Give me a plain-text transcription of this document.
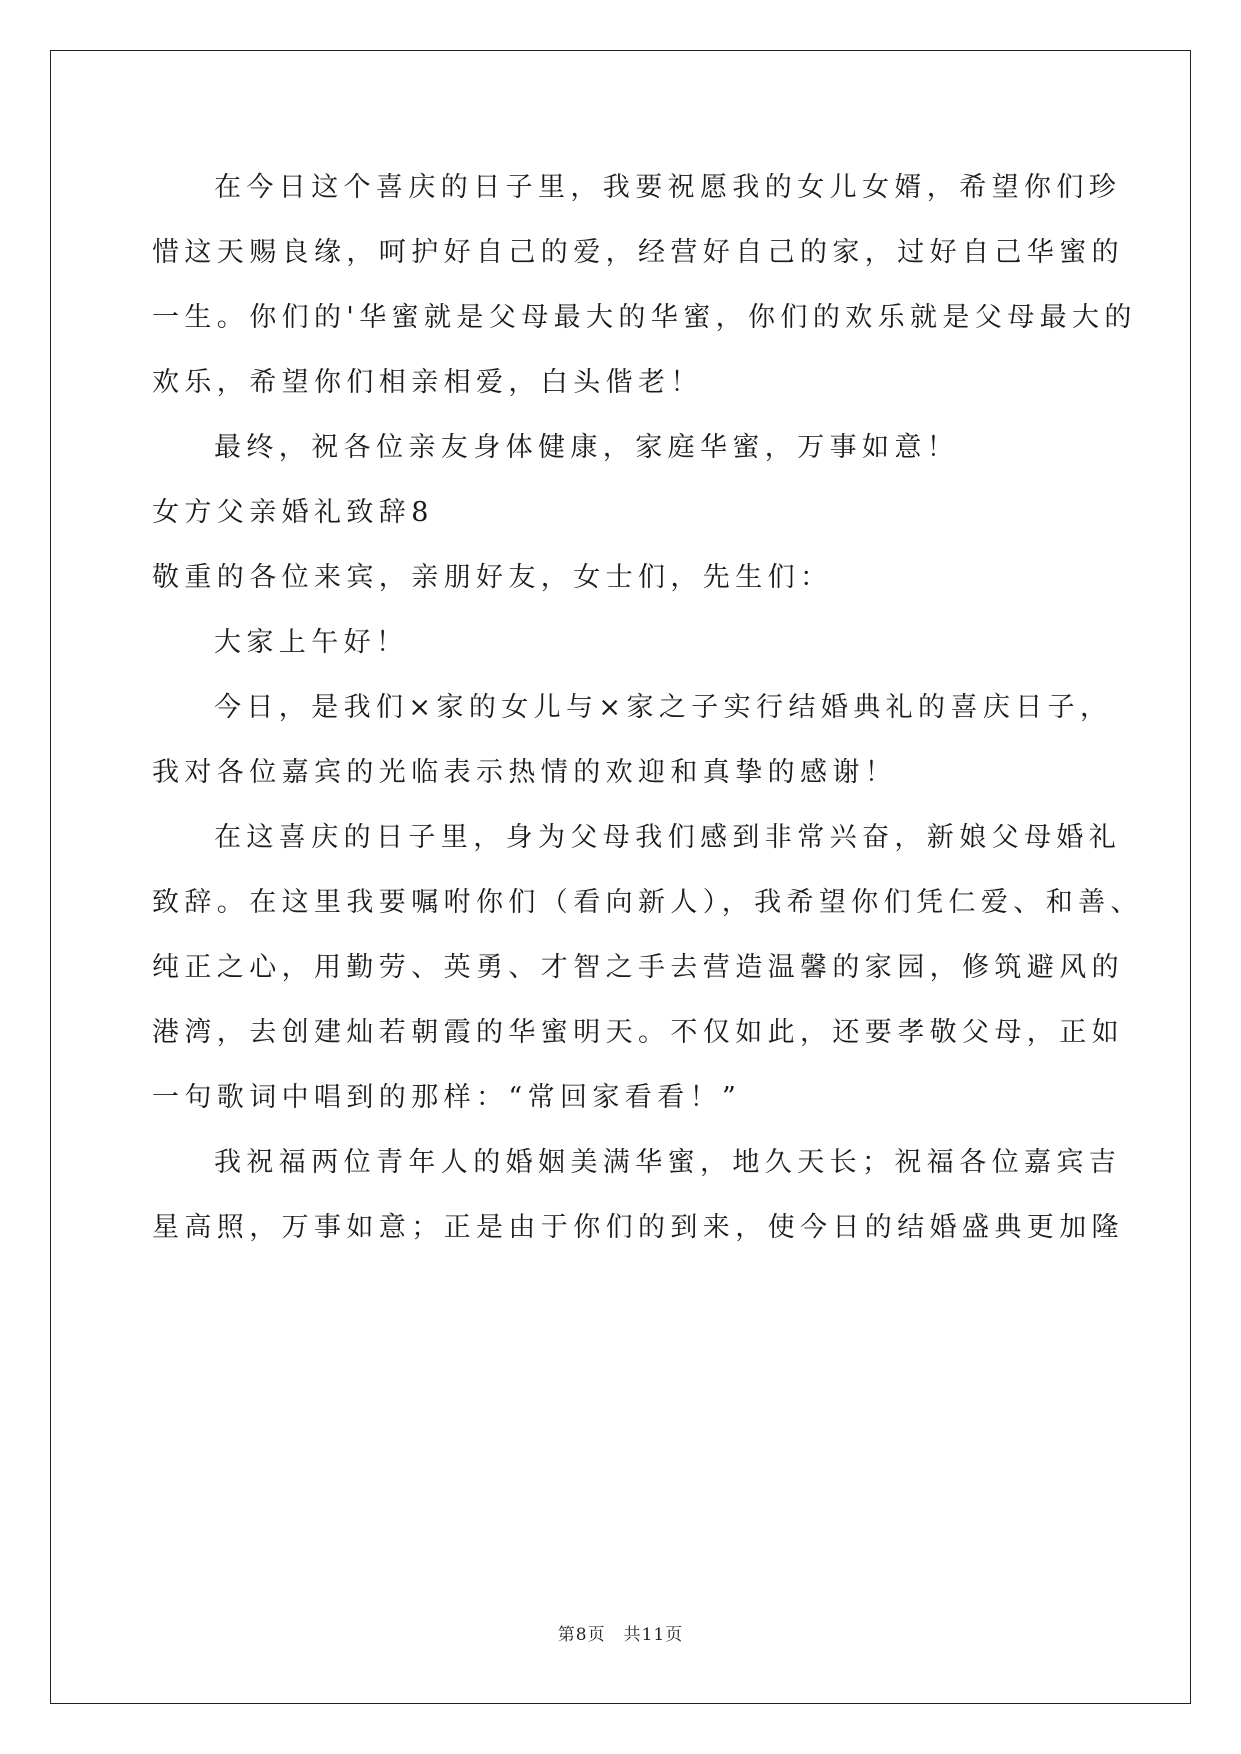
在今日这个喜庆的日子里，我要祝愿我的女儿女婿，希望你们珍
惜这天赐良缘，呵护好自己的爱，经营好自己的家，过好自己华蜜的
一生。你们的'华蜜就是父母最大的华蜜，你们的欢乐就是父母最大的
欢乐，希望你们相亲相爱，白头偕老！
最终，祝各位亲友身体健康，家庭华蜜，万事如意！
女方父亲婚礼致辞8
敬重的各位来宾，亲朋好友，女士们，先生们：
大家上午好！
今日，是我们×家的女儿与×家之子实行结婚典礼的喜庆日子，
我对各位嘉宾的光临表示热情的欢迎和真挚的感谢！
在这喜庆的日子里，身为父母我们感到非常兴奋，新娘父母婚礼
致辞。在这里我要嘱咐你们（看向新人），我希望你们凭仁爱、和善、
纯正之心，用勤劳、英勇、才智之手去营造温馨的家园，修筑避风的
港湾，去创建灿若朝霞的华蜜明天。不仅如此，还要孝敬父母，正如
一句歌词中唱到的那样：“常回家看看！”
我祝福两位青年人的婚姻美满华蜜，地久天长；祝福各位嘉宾吉
星高照，万事如意；正是由于你们的到来，使今日的结婚盛典更加隆
第8页 共11页
